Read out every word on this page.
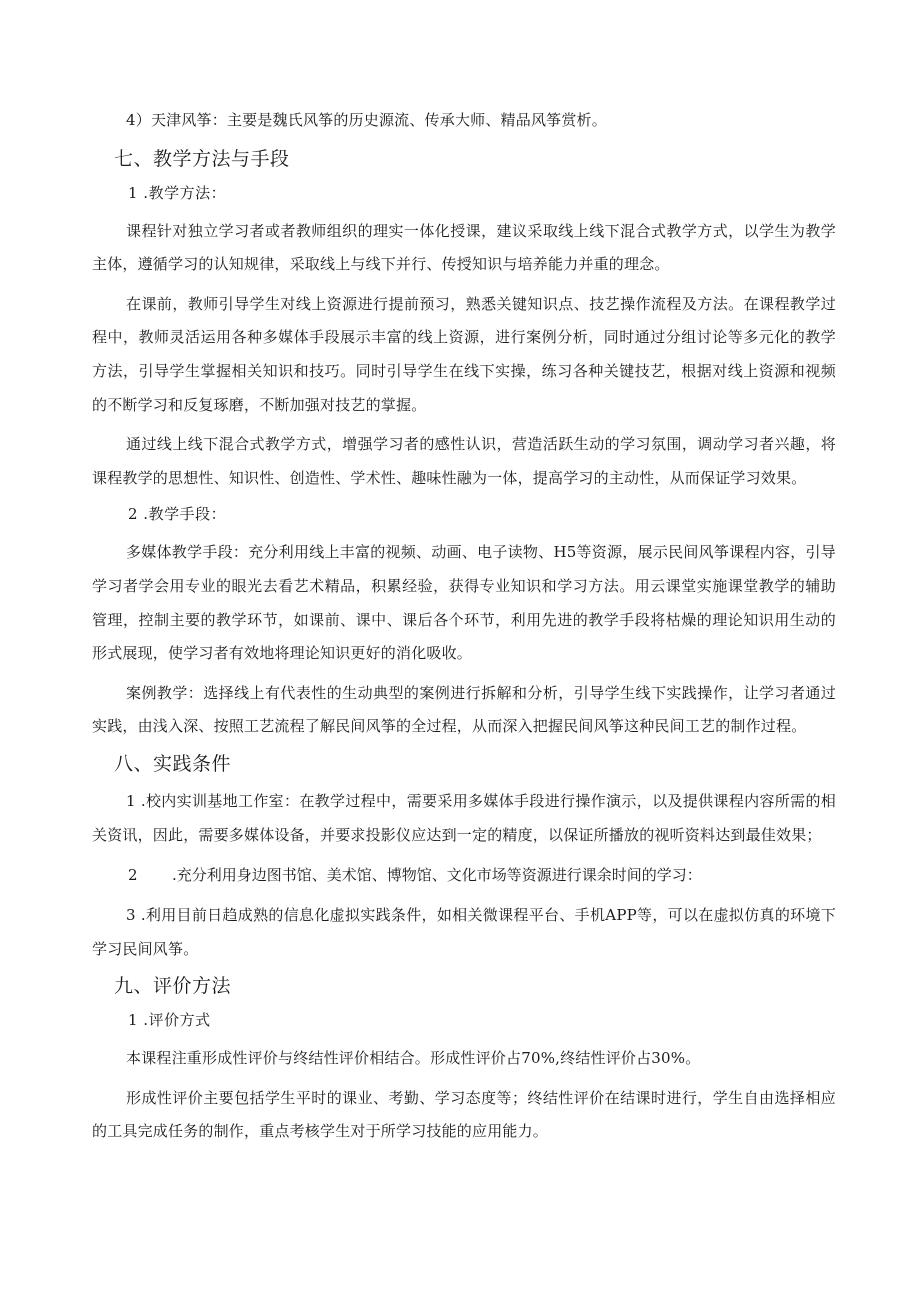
4）天津风筝：主要是魏氏风筝的历史源流、传承大师、精品风筝赏析。

七、教学方法与手段
1 .教学方法：

课程针对独立学习者或者教师组织的理实一体化授课，建议采取线上线下混合式教学方式，以学生为教学主体，遵循学习的认知规律，采取线上与线下并行、传授知识与培养能力并重的理念。

在课前，教师引导学生对线上资源进行提前预习，熟悉关键知识点、技艺操作流程及方法。在课程教学过程中，教师灵活运用各种多媒体手段展示丰富的线上资源，进行案例分析，同时通过分组讨论等多元化的教学方法，引导学生掌握相关知识和技巧。同时引导学生在线下实操，练习各种关键技艺，根据对线上资源和视频的不断学习和反复琢磨，不断加强对技艺的掌握。

通过线上线下混合式教学方式，增强学习者的感性认识，营造活跃生动的学习氛围，调动学习者兴趣，将课程教学的思想性、知识性、创造性、学术性、趣味性融为一体，提高学习的主动性，从而保证学习效果。

2 .教学手段：

多媒体教学手段：充分利用线上丰富的视频、动画、电子读物、H5等资源，展示民间风筝课程内容，引导学习者学会用专业的眼光去看艺术精品，积累经验，获得专业知识和学习方法。用云课堂实施课堂教学的辅助管理，控制主要的教学环节，如课前、课中、课后各个环节，利用先进的教学手段将枯燥的理论知识用生动的形式展现，使学习者有效地将理论知识更好的消化吸收。

案例教学：选择线上有代表性的生动典型的案例进行拆解和分析，引导学生线下实践操作，让学习者通过实践，由浅入深、按照工艺流程了解民间风筝的全过程，从而深入把握民间风筝这种民间工艺的制作过程。

八、实践条件

1 .校内实训基地工作室：在教学过程中，需要采用多媒体手段进行操作演示，以及提供课程内容所需的相关资讯，因此，需要多媒体设备，并要求投影仪应达到一定的精度，以保证所播放的视听资料达到最佳效果；

2 .充分利用身边图书馆、美术馆、博物馆、文化市场等资源进行课余时间的学习：

3 .利用目前日趋成熟的信息化虚拟实践条件，如相关微课程平台、手机APP等，可以在虚拟仿真的环境下学习民间风筝。

九、评价方法
1 .评价方式

本课程注重形成性评价与终结性评价相结合。形成性评价占70%,终结性评价占30%。

形成性评价主要包括学生平时的课业、考勤、学习态度等；终结性评价在结课时进行，学生自由选择相应的工具完成任务的制作，重点考核学生对于所学习技能的应用能力。
